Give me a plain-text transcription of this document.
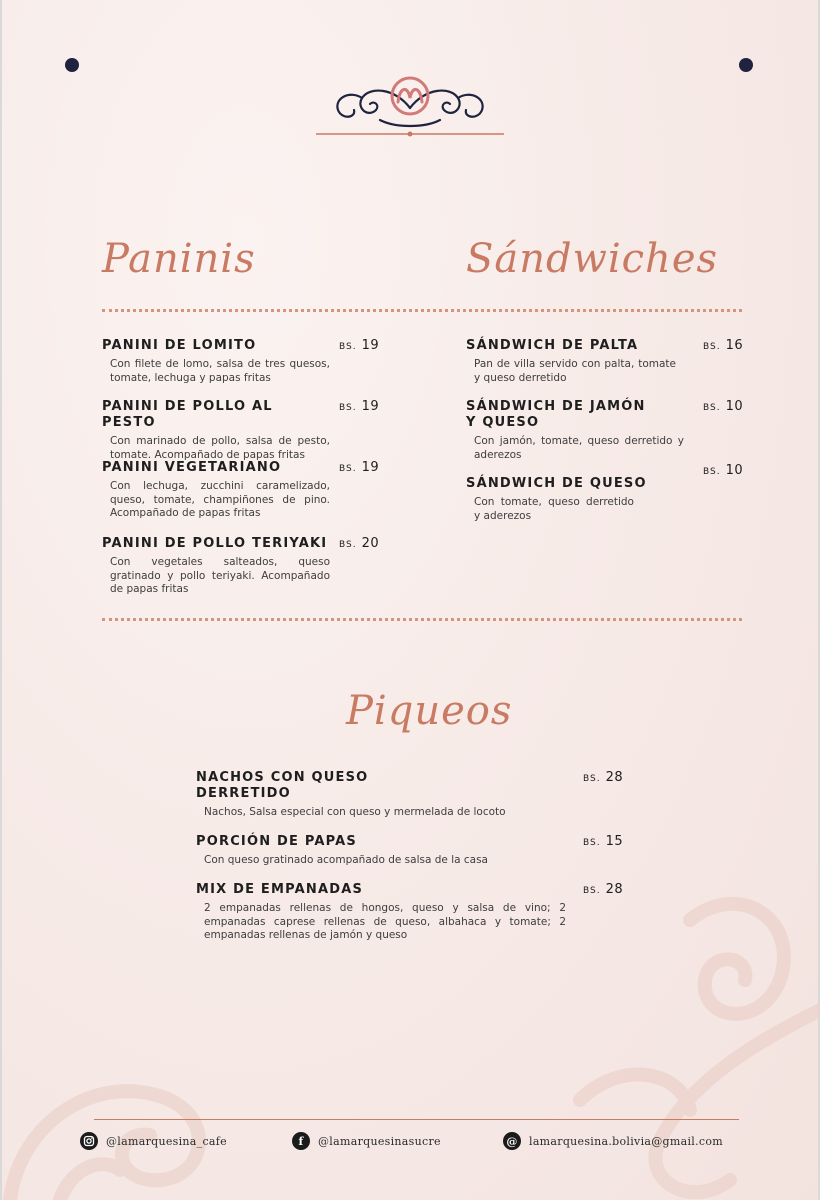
Paninis	Sándwiches
PANINI DE LOMITO
Con filete de lomo, salsa de tres quesos, tomate, lechuga y papas fritas
BS. 19
PANINI DE POLLO AL PESTO
Con marinado de pollo, salsa de pesto, tomate. Acompañado de papas fritas
BS. 19
PANINI VEGETARIANO
Con lechuga, zucchini caramelizado, queso, tomate, champiñones de pino. Acompañado de papas fritas
BS. 19
PANINI DE POLLO TERIYAKI
Con vegetales salteados, queso gratinado y pollo teriyaki. Acompañado de papas fritas
BS. 20
SÁNDWICH DE PALTA
Pan de villa servido con palta, tomate y queso derretido
BS. 16
SÁNDWICH DE JAMÓN Y QUESO
Con jamón, tomate, queso derretido y aderezos
BS. 10
SÁNDWICH DE QUESO
Con tomate, queso derretido y aderezos
BS. 10
Piqueos
NACHOS CON QUESO DERRETIDO
Nachos, Salsa especial con queso y mermelada de locoto
BS. 28
PORCIÓN DE PAPAS
Con queso gratinado acompañado de salsa de la casa
BS. 15
MIX DE EMPANADAS
2 empanadas rellenas de hongos, queso y salsa de vino; 2 empanadas caprese rellenas de queso, albahaca y tomate; 2 empanadas rellenas de jamón y queso
BS. 28
@lamarquesina_cafe	f	@lamarquesinasucre	@	lamarquesina.bolivia@gmail.com
